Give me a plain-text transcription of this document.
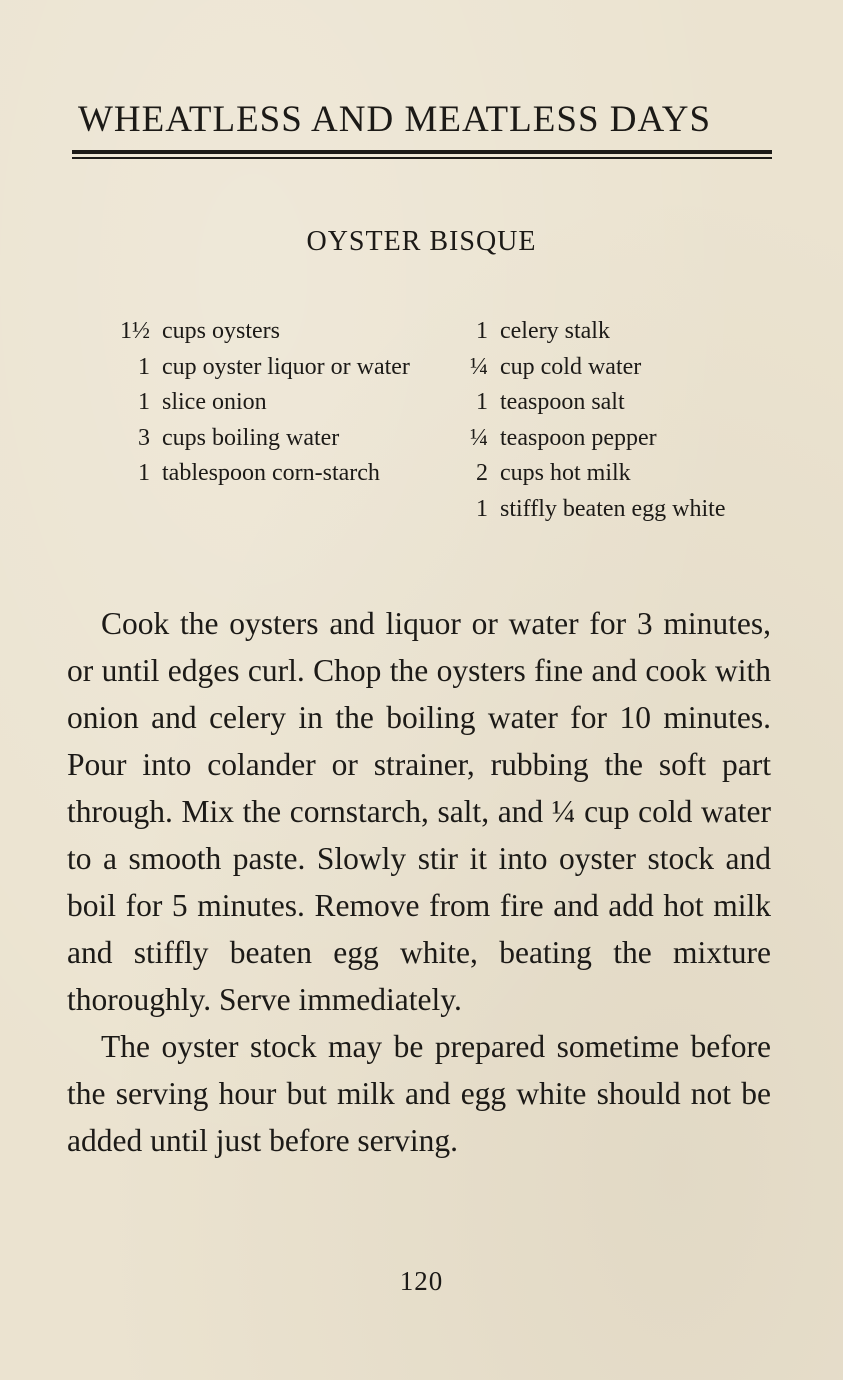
WHEATLESS AND MEATLESS DAYS
OYSTER BISQUE
1½ cups oysters
1 cup oyster liquor or water
1 slice onion
3 cups boiling water
1 tablespoon corn-starch
1 celery stalk
¼ cup cold water
1 teaspoon salt
¼ teaspoon pepper
2 cups hot milk
1 stiffly beaten egg white

Cook the oysters and liquor or water for 3 minutes, or until edges curl. Chop the oysters fine and cook with onion and celery in the boiling water for 10 minutes. Pour into colander or strainer, rubbing the soft part through. Mix the cornstarch, salt, and ¼ cup cold water to a smooth paste. Slowly stir it into oyster stock and boil for 5 minutes. Remove from fire and add hot milk and stiffly beaten egg white, beating the mixture thoroughly. Serve immediately.

The oyster stock may be prepared sometime before the serving hour but milk and egg white should not be added until just before serving.

120
